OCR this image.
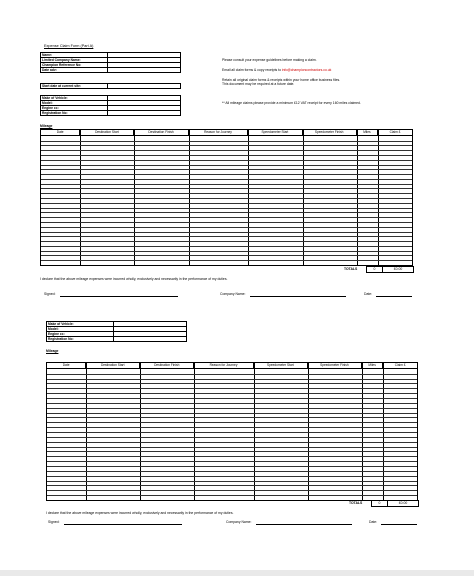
Expense Claim Form (Part A)
Name:	
Limited Company Name:	
Champion Reference No:	
Date adv:	
Start date at current site:	
Make of Vehicle:	
Model:	
Engine cc:	
Registration No:	
Please consult your expense guidelines before making a claim.
Email all claim forms & copy receipts to info@championcontractors.co.uk
Retain all original claim forms & receipts within your home office business files.
This document may be required at a future date.
** All mileage claims please provide a minimum £12 VAT receipt for every 160 miles claimed.
Mileage
Date	Destination Start	Destination Finish	Reason for Journey	Speedometer Start	Speedometer Finish	Miles	Claim £
TOTALS	0	£0.00
I declare that the above mileage expenses were incurred wholly, exclusively and necessarily in the performance of my duties.
Signed:	Company Name:	Date:
Make of Vehicle:	
Model:	
Engine cc:	
Registration No:	
Mileage
Date	Destination Start	Destination Finish	Reason for Journey	Speedometer Start	Speedometer Finish	Miles	Claim £
TOTALS	0	£0.00
I declare that the above mileage expenses were incurred wholly, exclusively and necessarily in the performance of my duties.
Signed:	Company Name:	Date:
